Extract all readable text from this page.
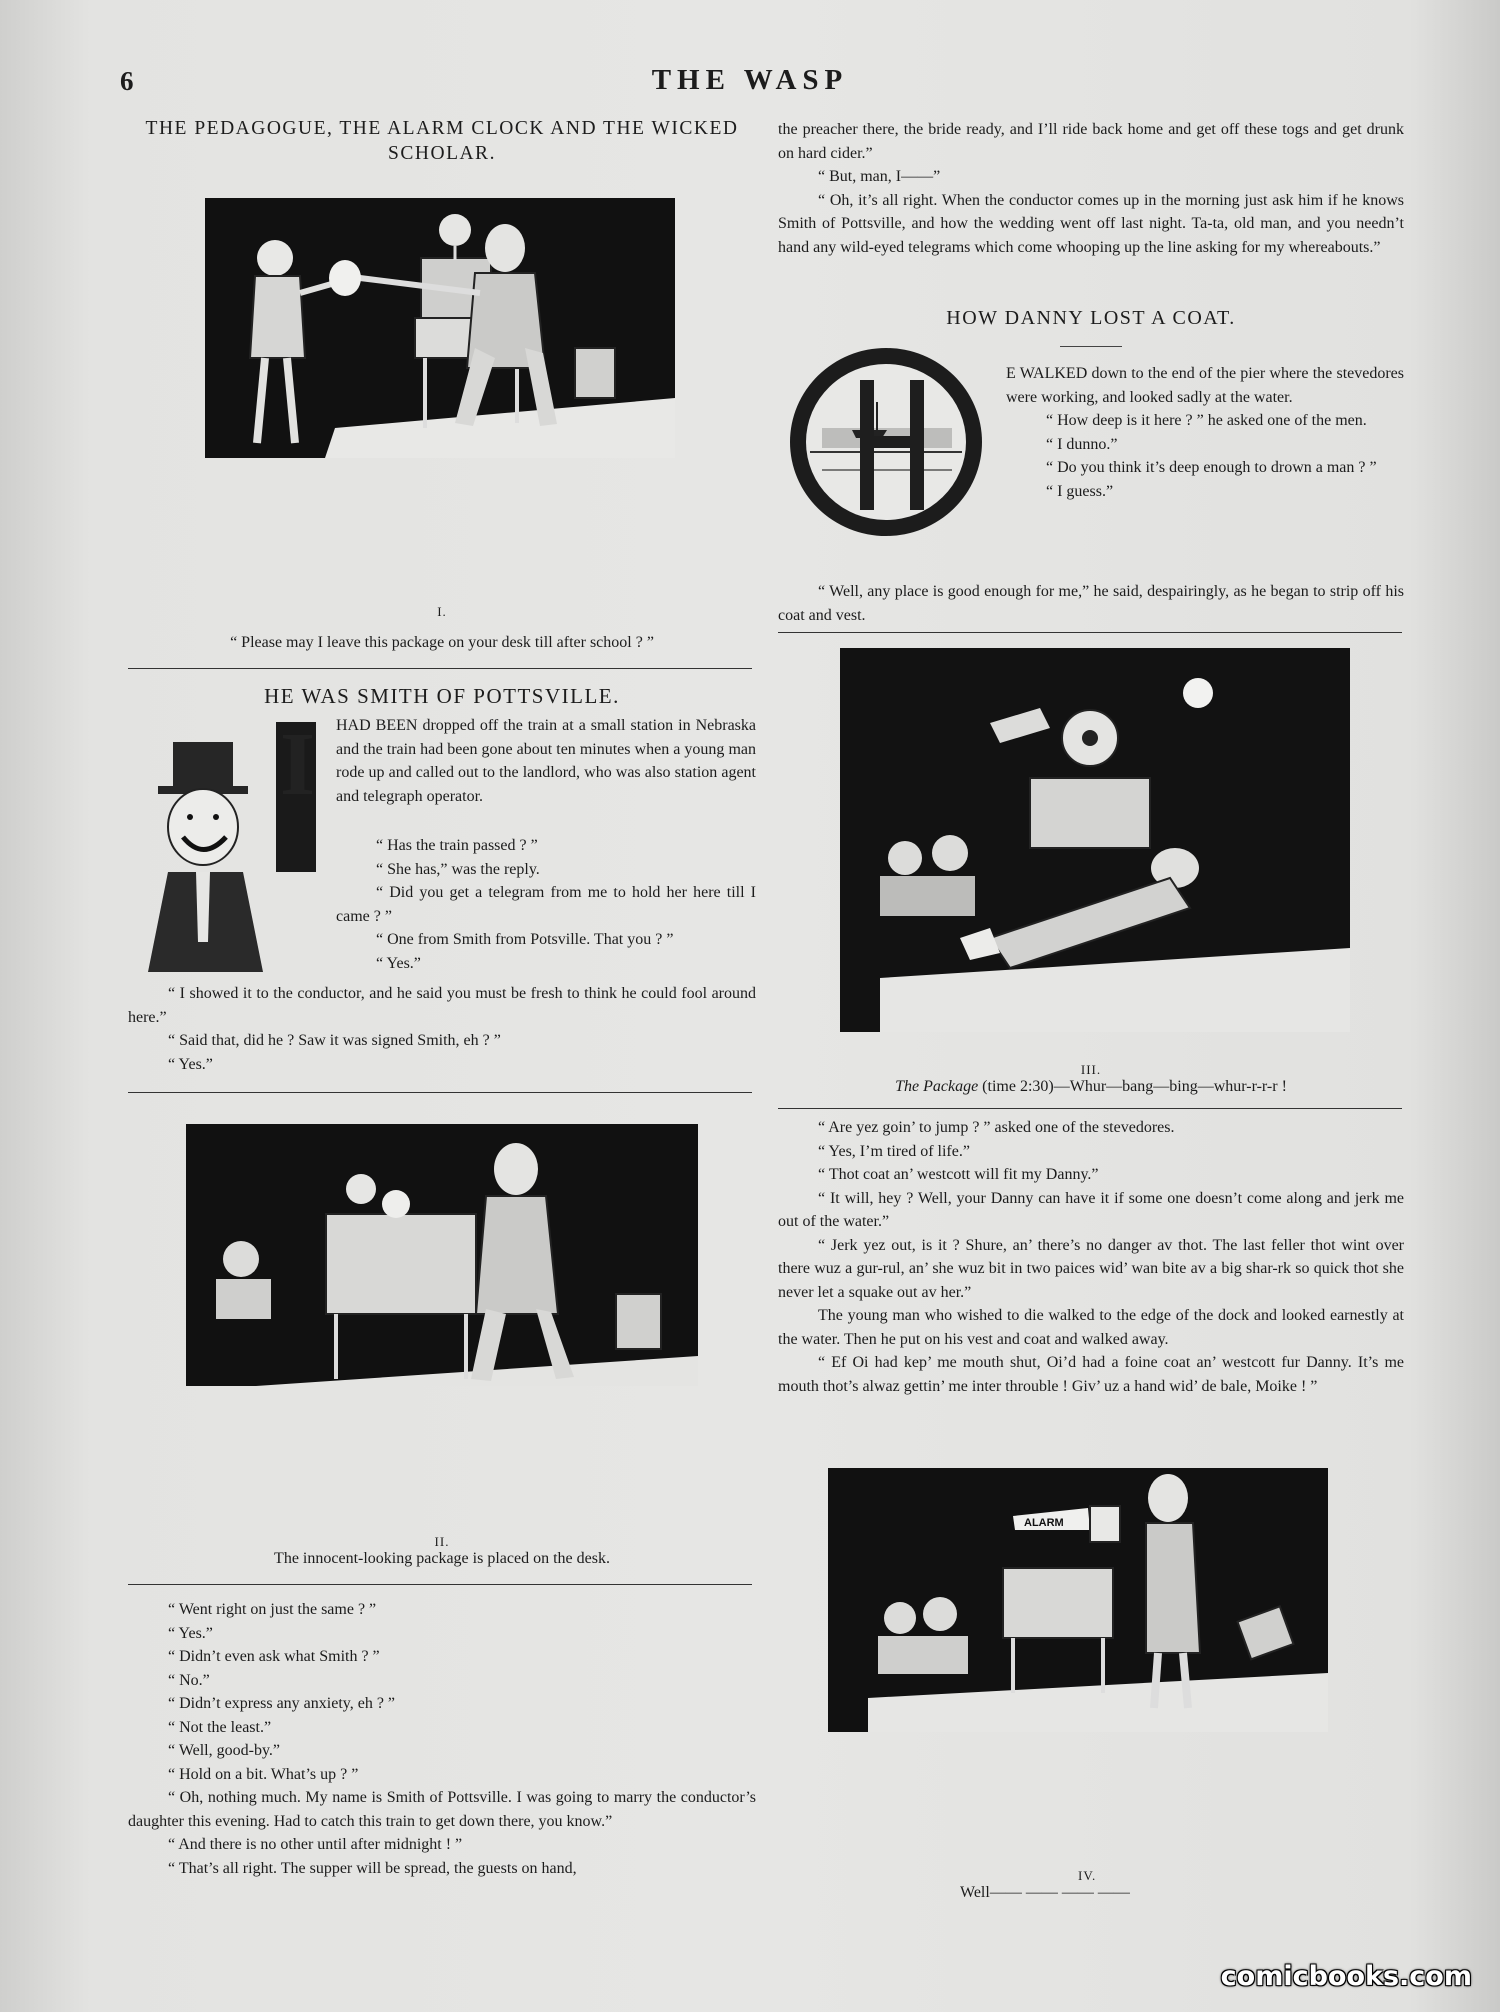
6	THE WASP
THE PEDAGOGUE, THE ALARM CLOCK AND THE WICKED SCHOLAR.
I.
“ Please may I leave this package on your desk till after school ? ”
HE WAS SMITH OF POTTSVILLE.
I HAD BEEN dropped off the train at a small station in Nebraska and the train had been gone about ten minutes when a young man rode up and called out to the landlord, who was also station agent and telegraph operator.

“ Has the train passed ? ”

“ She has,” was the reply.

“ Did you get a telegram from me to hold her here till I came ? ”

“ One from Smith from Potsville. That you ? ”

“ Yes.”

“ I showed it to the conductor, and he said you must be fresh to think he could fool around here.”

“ Said that, did he ? Saw it was signed Smith, eh ? ”

“ Yes.”

II.
The innocent-looking package is placed on the desk.

“ Went right on just the same ? ”

“ Yes.”

“ Didn’t even ask what Smith ? ”

“ No.”

“ Didn’t express any anxiety, eh ? ”

“ Not the least.”

“ Well, good-by.”

“ Hold on a bit. What’s up ? ”

“ Oh, nothing much. My name is Smith of Pottsville. I was going to marry the conductor’s daughter this evening. Had to catch this train to get down there, you know.”

“ And there is no other until after midnight ! ”

“ That’s all right. The supper will be spread, the guests on hand,

the preacher there, the bride ready, and I’ll ride back home and get off these togs and get drunk on hard cider.”

“ But, man, I——”

“ Oh, it’s all right. When the conductor comes up in the morning just ask him if he knows Smith of Pottsville, and how the wedding went off last night. Ta-ta, old man, and you needn’t hand any wild-eyed telegrams which come whooping up the line asking for my whereabouts.”

HOW DANNY LOST A COAT.

E WALKED down to the end of the pier where the stevedores were working, and looked sadly at the water.

“ How deep is it here ? ” he asked one of the men.

“ I dunno.”

“ Do you think it’s deep enough to drown a man ? ”

“ I guess.”

“ Well, any place is good enough for me,” he said, despairingly, as he began to strip off his coat and vest.

III.
The Package (time 2:30)—Whur—bang—bing—whur-r-r-r !

“ Are yez goin’ to jump ? ” asked one of the stevedores.

“ Yes, I’m tired of life.”

“ Thot coat an’ westcott will fit my Danny.”

“ It will, hey ? Well, your Danny can have it if some one doesn’t come along and jerk me out of the water.”

“ Jerk yez out, is it ? Shure, an’ there’s no danger av thot. The last feller thot wint over there wuz a gur-rul, an’ she wuz bit in two paices wid’ wan bite av a big shar-rk so quick thot she never let a squake out av her.”

The young man who wished to die walked to the edge of the dock and looked earnestly at the water. Then he put on his vest and coat and walked away.

“ Ef Oi had kep’ me mouth shut, Oi’d had a foine coat an’ westcott fur Danny. It’s me mouth thot’s alwaz gettin’ me inter throuble ! Giv’ uz a hand wid’ de bale, Moike ! ”

ALARM
IV.
Well—— —— —— ——
comicbooks.com
